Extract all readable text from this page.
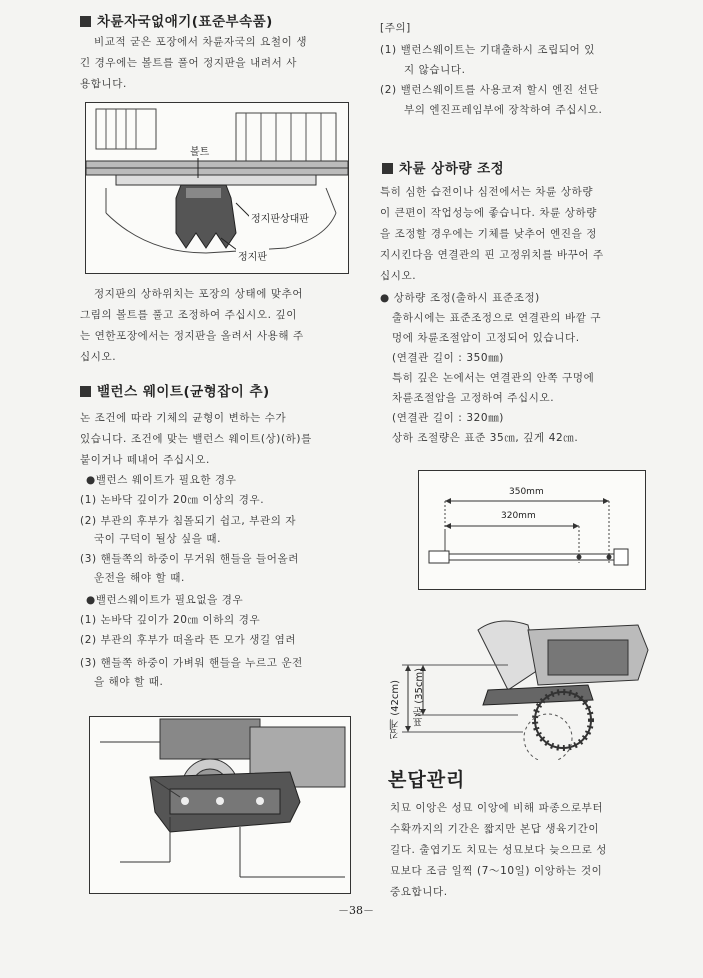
차륜자국없애기(표준부속품)

비교적 굳은 포장에서 차륜자국의 요철이 생

긴 경우에는 볼트를 풀어 정지판을 내려서 사

용합니다.

볼트
정지판상대판
정지판

정지판의 상하위치는 포장의 상태에 맞추어

그림의 볼트를 풀고 조정하여 주십시오. 깊이

는 연한포장에서는 정지판을 올려서 사용해 주

십시오.

밸런스 웨이트(균형잡이 추)

논 조건에 따라 기체의 균형이 변하는 수가

있습니다. 조건에 맞는 밸런스 웨이트(상)(하)를

붙이거나 떼내어 주십시오.

●밸런스 웨이트가 필요한 경우
(1) 논바닥 깊이가 20㎝ 이상의 경우.
(2) 부관의 후부가 침몰되기 쉽고, 부관의 자
국이 구덕이 될상 싶을 때.
(3) 핸들쪽의 하중이 무거워 핸들을 들어올려
운전을 해야 할 때.
●밸런스웨이트가 필요없을 경우
(1) 논바닥 깊이가 20㎝ 이하의 경우
(2) 부관의 후부가 떠올라 뜬 모가 생길 염려
(3) 핸들쪽 하중이 가벼워 핸들을 누르고 운전
을 해야 할 때.
[주의]
(1) 밸런스웨이트는 기대출하시 조립되어 있
지 않습니다.
(2) 밸런스웨이트를 사용코져 할시 엔진 선단
부의 엔진프레임부에 장착하여 주십시오.
차륜 상하량 조정

특히 심한 습전이나 심전에서는 차륜 상하량

이 큰편이 작업성능에 좋습니다. 차륜 상하량

을 조정할 경우에는 기체를 낮추어 엔진을 정

지시킨다음 연결관의 핀 고정위치를 바꾸어 주

십시오.

● 상하량 조정(출하시 표준조정)
출하시에는 표준조정으로 연결관의 바깥 구
멍에 차륜조절암이 고정되어 있습니다.
(연결관 길이 : 350㎜)
특히 깊은 논에서는 연결관의 안쪽 구멍에
차륜조절암을 고정하여 주십시오.
(연결관 길이 : 320㎜)
상하 조절량은 표준 35㎝, 깊게 42㎝.
350mm
320mm
깊게 (42cm) 표준 (35cm)
본답관리

치묘 이앙은 성묘 이앙에 비해 파종으로부터

수확까지의 기간은 짧지만 본답 생육기간이

길다. 출엽기도 치묘는 성묘보다 늦으므로 성

묘보다 조금 일찍 (7～10일) 이앙하는 것이

중요합니다.

－38－
